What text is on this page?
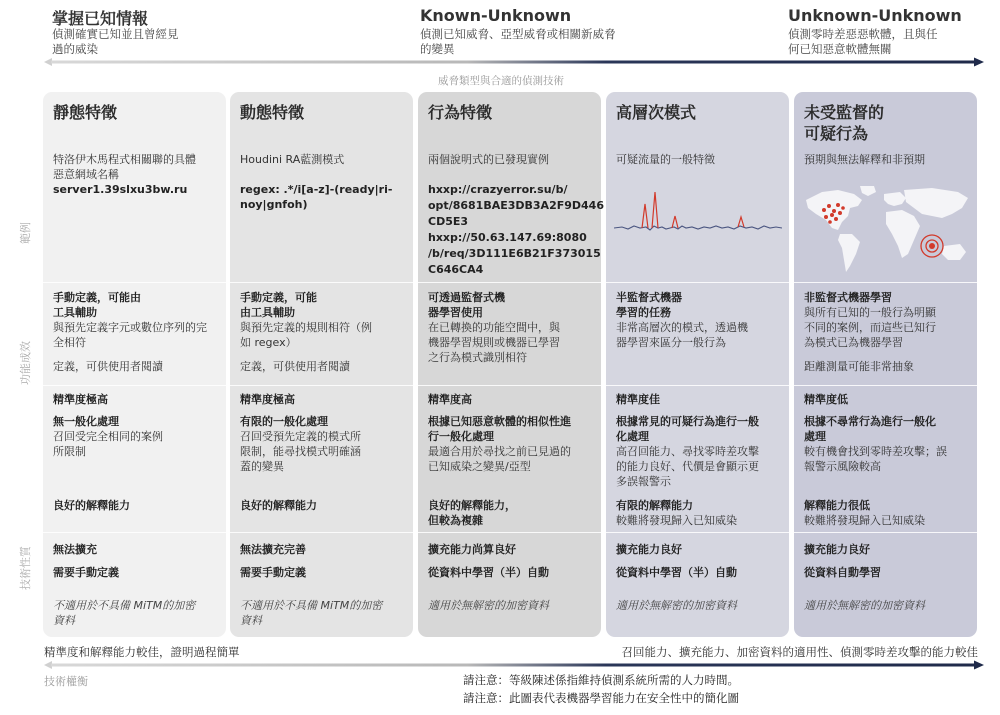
掌握已知情報
偵測確實已知並且曾經見
過的威染
Known-Unknown
偵測已知威脅、亞型威脅或相關新威脅
的變異
Unknown-Unknown
偵測零時差惡惡軟體，且與任
何已知惡意軟體無關
威脅類型與合適的偵測技術
範例
功能成效
技術性質
靜態特徵
特洛伊木馬程式相關聯的具體
惡意網域名稱
server1.39slxu3bw.ru
手動定義，可能由
工具輔助
與預先定義字元或數位序列的完
全相符
定義，可供使用者閱讀
精準度極高
無一般化處理
召回受完全相同的案例
所限制
良好的解釋能力
無法擴充
需要手動定義
不適用於不具備 MiTM的加密
資料
動態特徵
Houdini RA藍測模式
regex: .*/i[a-z]-(ready|ri-
noy|gnfoh)
手動定義，可能
由工具輔助
與預先定義的規則相符（例
如 regex）
定義，可供使用者閱讀
精準度極高
有限的一般化處理
召回受預先定義的模式所
限制，能尋找模式明確涵
蓋的變異
良好的解釋能力
無法擴充完善
需要手動定義
不適用於不具備 MiTM的加密
資料
行為特徵
兩個說明式的已發現實例
hxxp://crazyerror.su/b/
opt/8681BAE3DB3A2F9D446
CD5E3
hxxp://50.63.147.69:8080
/b/req/3D111E6B21F373015
C646CA4
可透過監督式機
器學習使用
在已轉換的功能空間中，與
機器學習規則或機器已學習
之行為模式識別相符
精準度高
根據已知惡意軟體的相似性進
行一般化處理
最適合用於尋找之前已見過的
已知威染之變異/亞型
良好的解釋能力，
但較為複雜
擴充能力尚算良好
從資料中學習（半）自動
適用於無解密的加密資料
高層次模式
可疑流量的一般特徵
半監督式機器
學習的任務
非常高層次的模式，透過機
器學習來區分一般行為
精準度佳
根據常見的可疑行為進行一般
化處理
高召回能力、尋找零時差攻擊
的能力良好、代價是會顯示更
多誤報警示
有限的解釋能力
較難將發現歸入已知威染
擴充能力良好
從資料中學習（半）自動
適用於無解密的加密資料
未受監督的
可疑行為
預期與無法解釋和非預期
非監督式機器學習
與所有已知的一般行為明顯
不同的案例，而這些已知行
為模式已為機器學習
距離測量可能非常抽象
精準度低
根據不尋常行為進行一般化
處理
較有機會找到零時差攻擊；誤
報警示風險較高
解釋能力很低
較難將發現歸入已知威染
擴充能力良好
從資料自動學習
適用於無解密的加密資料
精準度和解釋能力較佳，證明過程簡單	召回能力、擴充能力、加密資料的適用性、偵測零時差攻擊的能力較佳
技術權衡	請注意：等級陳述係指維持偵測系統所需的人力時間。
請注意：此圖表代表機器學習能力在安全性中的簡化圖
